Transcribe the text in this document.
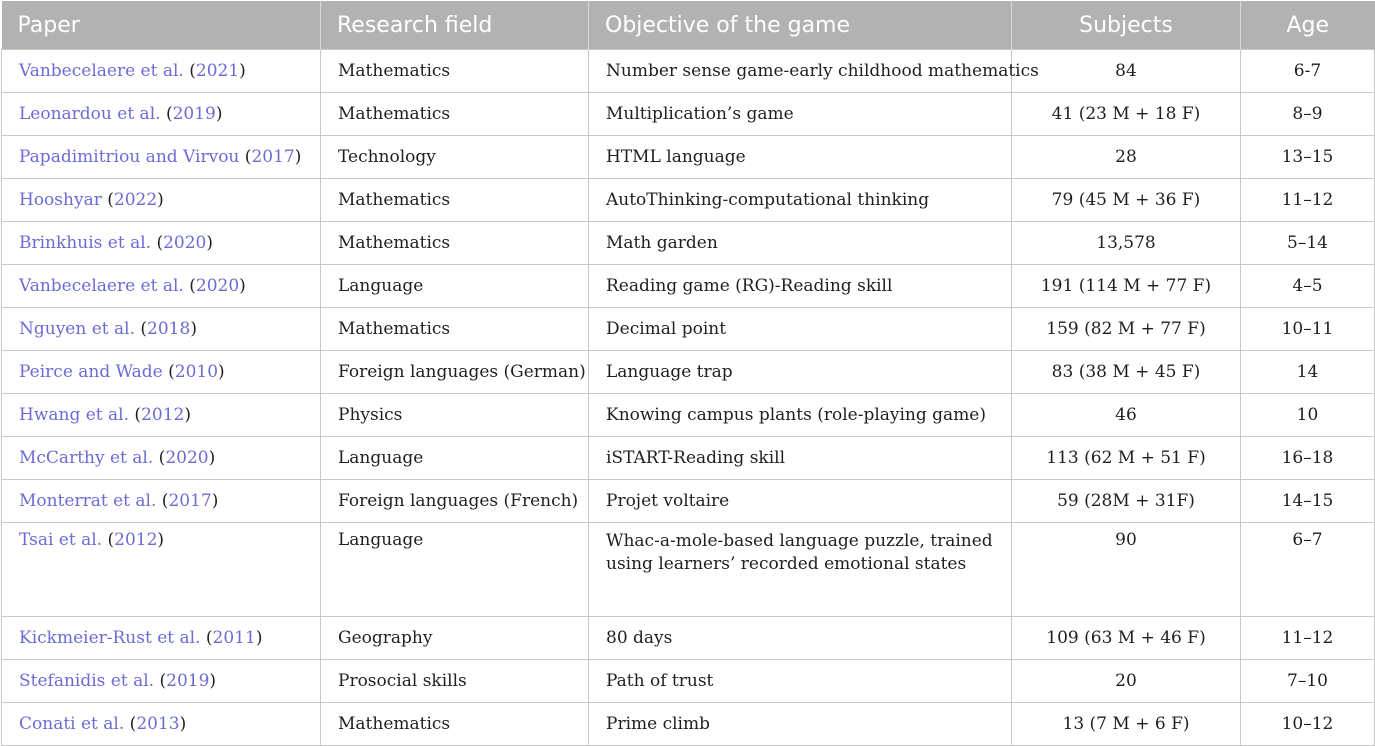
Paper	Research field	Objective of the game	Subjects	Age
Vanbecelaere et al. (2021)	Mathematics	Number sense game-early childhood mathematics	84	6-7
Leonardou et al. (2019)	Mathematics	Multiplication’s game	41 (23 M + 18 F)	8–9
Papadimitriou and Virvou (2017)	Technology	HTML language	28	13–15
Hooshyar (2022)	Mathematics	AutoThinking-computational thinking	79 (45 M + 36 F)	11–12
Brinkhuis et al. (2020)	Mathematics	Math garden	13,578	5–14
Vanbecelaere et al. (2020)	Language	Reading game (RG)-Reading skill	191 (114 M + 77 F)	4–5
Nguyen et al. (2018)	Mathematics	Decimal point	159 (82 M + 77 F)	10–11
Peirce and Wade (2010)	Foreign languages (German)	Language trap	83 (38 M + 45 F)	14
Hwang et al. (2012)	Physics	Knowing campus plants (role-playing game)	46	10
McCarthy et al. (2020)	Language	iSTART-Reading skill	113 (62 M + 51 F)	16–18
Monterrat et al. (2017)	Foreign languages (French)	Projet voltaire	59 (28M + 31F)	14–15
Tsai et al. (2012)	Language	Whac-a-mole-based language puzzle, trained using learners’ recorded emotional states	90	6–7
Kickmeier-Rust et al. (2011)	Geography	80 days	109 (63 M + 46 F)	11–12
Stefanidis et al. (2019)	Prosocial skills	Path of trust	20	7–10
Conati et al. (2013)	Mathematics	Prime climb	13 (7 M + 6 F)	10–12
